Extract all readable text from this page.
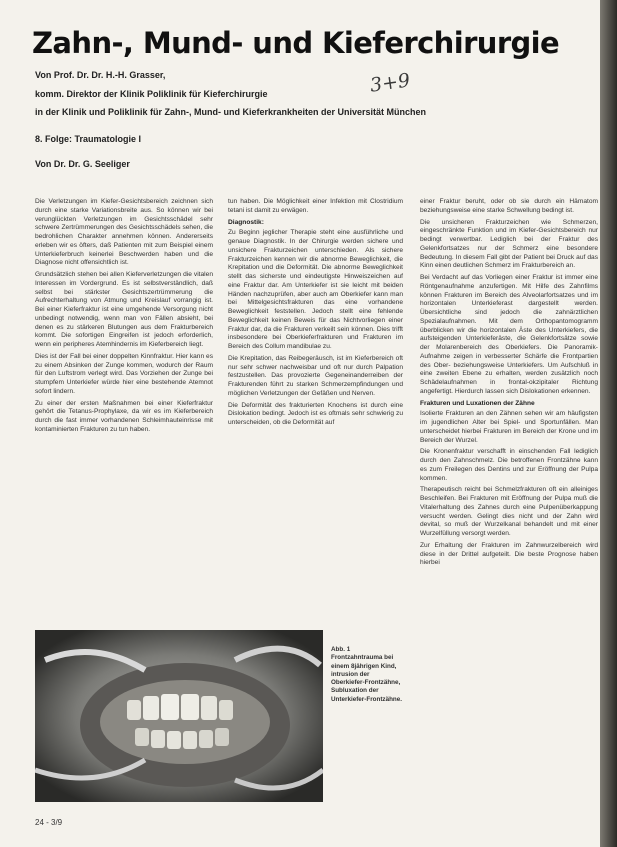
Zahn-, Mund- und Kieferchirurgie

Von Prof. Dr. Dr. H.-H. Grasser,

komm. Direktor der Klinik Poliklinik für Kieferchirurgie

in der Klinik und Poliklinik für Zahn-, Mund- und Kieferkrankheiten der Universität München

8. Folge: Traumatologie I

Von Dr. Dr. G. Seeliger

3+9

Die Verletzungen im Kiefer-Gesichtsbereich zeichnen sich durch eine starke Variationsbreite aus. So können wir bei verunglückten Verletzungen im Gesichtsschädel sehr schwere Zertrümmerungen des Gesichtsschädels sehen, die bedrohlichen Charakter annehmen können. Andererseits erleben wir es öfters, daß Patienten mit zum Beispiel einem Unterkieferbruch keinerlei Beschwerden haben und die Diagnose nicht offensichtlich ist.

Grundsätzlich stehen bei allen Kieferverletzungen die vitalen Interessen im Vordergrund. Es ist selbstverständlich, daß selbst bei stärkster Gesichtszertrümmerung die Aufrechterhaltung von Atmung und Kreislauf vorrangig ist. Bei einer Kieferfraktur ist eine umgehende Versorgung nicht unbedingt notwendig, wenn man von Fällen absieht, bei denen es zu stärkeren Blutungen aus dem Frakturbereich kommt. Die sofortigen Eingreifen ist jedoch erforderlich, wenn ein peripheres Atemhindernis im Kieferbereich liegt.

Dies ist der Fall bei einer doppelten Kinnfraktur. Hier kann es zu einem Absinken der Zunge kommen, wodurch der Raum für den Luftstrom verlegt wird. Das Vorziehen der Zunge bei stumpfem Unterkiefer würde hier eine bestehende Atemnot sofort lindern.

Zu einer der ersten Maßnahmen bei einer Kieferfraktur gehört die Tetanus-Prophylaxe, da wir es im Kieferbereich durch die fast immer vorhandenen Schleimhauteinrisse mit kontaminierten Frakturen zu tun haben.

tun haben. Die Möglichkeit einer Infektion mit Clostridium tetani ist damit zu erwägen.

Diagnostik:

Zu Beginn jeglicher Therapie steht eine ausführliche und genaue Diagnostik. In der Chirurgie werden sichere und unsichere Frakturzeichen unterschieden. Als sichere Frakturzeichen kennen wir die abnorme Beweglichkeit, die Krepitation und die Deformität. Die abnorme Beweglichkeit stellt das sicherste und eindeutigste Hinweiszeichen auf eine Fraktur dar. Am Unterkiefer ist sie leicht mit beiden Händen nachzuprüfen, aber auch am Oberkiefer kann man bei Mittelgesichtsfrakturen das eine vorhandene Beweglichkeit feststellen. Jedoch stellt eine fehlende Beweglichkeit keinen Beweis für das Nichtvorliegen einer Fraktur dar, da die Frakturen verkeilt sein können. Dies trifft insbesondere bei Oberkieferfrakturen und Frakturen im Bereich des Collum mandibulae zu.

Die Krepitation, das Reibegeräusch, ist im Kieferbereich oft nur sehr schwer nachweisbar und oft nur durch Palpation festzustellen. Das provozierte Gegeneinanderreiben der Frakturenden führt zu starken Schmerzempfindungen und möglichen Verletzungen der Gefäßen und Nerven.

Die Deformität des frakturierten Knochens ist durch eine Dislokation bedingt. Jedoch ist es oftmals sehr schwierig zu unterscheiden, ob die Deformität auf

einer Fraktur beruht, oder ob sie durch ein Hämatom beziehungsweise eine starke Schwellung bedingt ist.

Die unsicheren Frakturzeichen wie Schmerzen, eingeschränkte Funktion und im Kiefer-Gesichtsbereich nur bedingt verwertbar. Lediglich bei der Fraktur des Gelenkfortsatzes nur der Schmerz eine besondere Bedeutung. In diesem Fall gibt der Patient bei Druck auf das Kinn einen deutlichen Schmerz im Frakturbereich an.

Bei Verdacht auf das Vorliegen einer Fraktur ist immer eine Röntgenaufnahme anzufertigen. Mit Hilfe des Zahnfilms können Frakturen im Bereich des Alveolarfortsatzes und im horizontalen Unterkieferast dargestellt werden. Übersichtliche sind jedoch die zahnärztlichen Spezialaufnahmen. Mit dem Orthopantomogramm überblicken wir die horizontalen Äste des Unterkiefers, die aufsteigenden Unterkieferäste, die Gelenkfortsätze sowie der Molarenbereich des Oberkiefers. Die Panoramik-Aufnahme zeigen in verbesserter Schärfe die Frontpartien des Ober- beziehungsweise Unterkiefers. Um Aufschluß in eine zweiten Ebene zu erhalten, werden zusätzlich noch Schädelaufnahmen in frontal-okzipitaler Richtung angefertigt. Hierdurch lassen sich Dislokationen erkennen.

Frakturen und Luxationen der Zähne

Isolierte Frakturen an den Zähnen sehen wir am häufigsten im jugendlichen Alter bei Spiel- und Sportunfällen. Man unterscheidet hierbei Frakturen im Bereich der Krone und im Bereich der Wurzel.

Die Kronenfraktur verschafft in einschenden Fall lediglich durch den Zahnschmelz. Die betroffenen Frontzähne kann es zum Freilegen des Dentins und zur Eröffnung der Pulpa kommen.

Therapeutisch reicht bei Schmelzfrakturen oft ein alleiniges Beschleifen. Bei Frakturen mit Eröffnung der Pulpa muß die Vitalerhaltung des Zahnes durch eine Pulpenüberkappung versucht werden. Gelingt dies nicht und der Zahn wird devital, so muß der Wurzelkanal behandelt und mit einer Wurzelfüllung versorgt werden.

Zur Erhaltung der Frakturen im Zahnwurzelbereich wird diese in der Drittel aufgeteilt. Die beste Prognose haben hierbei

Abb. 1 Frontzahntrauma bei einem 8jährigen Kind, intrusion der Oberkiefer-Frontzähne, Subluxation der Unterkiefer-Frontzähne.
24 - 3/9
